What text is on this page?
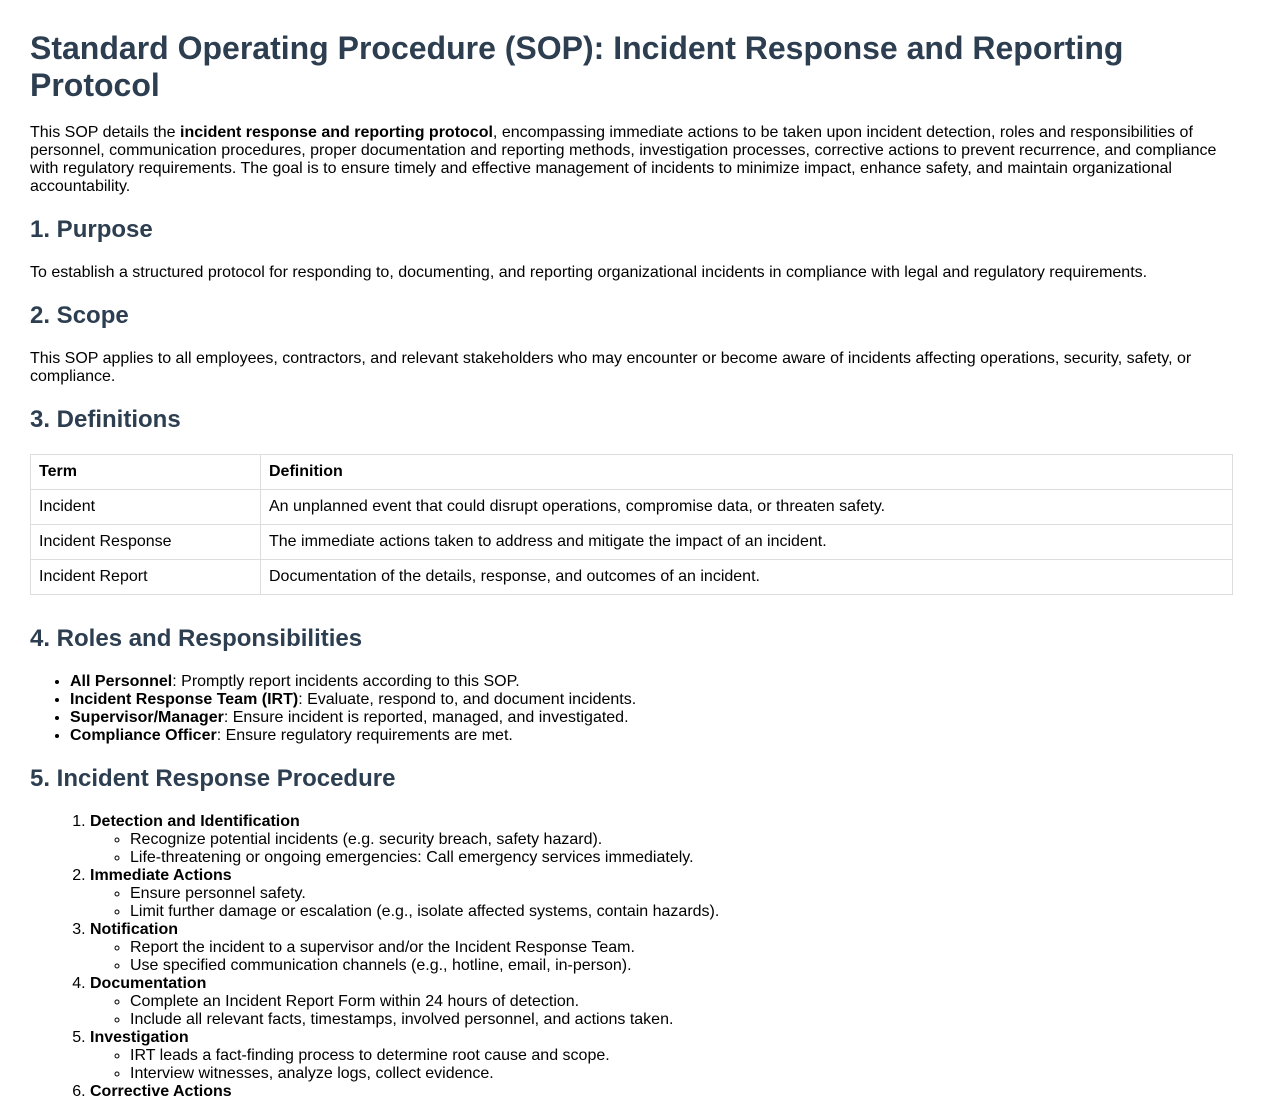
Standard Operating Procedure (SOP): Incident Response and Reporting Protocol

This SOP details the incident response and reporting protocol, encompassing immediate actions to be taken upon incident detection, roles and responsibilities of personnel, communication procedures, proper documentation and reporting methods, investigation processes, corrective actions to prevent recurrence, and compliance with regulatory requirements. The goal is to ensure timely and effective management of incidents to minimize impact, enhance safety, and maintain organizational accountability.

1. Purpose

To establish a structured protocol for responding to, documenting, and reporting organizational incidents in compliance with legal and regulatory requirements.

2. Scope

This SOP applies to all employees, contractors, and relevant stakeholders who may encounter or become aware of incidents affecting operations, security, safety, or compliance.

3. Definitions
Term	Definition
Incident	An unplanned event that could disrupt operations, compromise data, or threaten safety.
Incident Response	The immediate actions taken to address and mitigate the impact of an incident.
Incident Report	Documentation of the details, response, and outcomes of an incident.
4. Roles and Responsibilities
• All Personnel: Promptly report incidents according to this SOP.
• Incident Response Team (IRT): Evaluate, respond to, and document incidents.
• Supervisor/Manager: Ensure incident is reported, managed, and investigated.
• Compliance Officer: Ensure regulatory requirements are met.
5. Incident Response Procedure
1. Detection and Identification
◦ Recognize potential incidents (e.g. security breach, safety hazard).
◦ Life-threatening or ongoing emergencies: Call emergency services immediately.
2. Immediate Actions
◦ Ensure personnel safety.
◦ Limit further damage or escalation (e.g., isolate affected systems, contain hazards).
3. Notification
◦ Report the incident to a supervisor and/or the Incident Response Team.
◦ Use specified communication channels (e.g., hotline, email, in-person).
4. Documentation
◦ Complete an Incident Report Form within 24 hours of detection.
◦ Include all relevant facts, timestamps, involved personnel, and actions taken.
5. Investigation
◦ IRT leads a fact-finding process to determine root cause and scope.
◦ Interview witnesses, analyze logs, collect evidence.
6. Corrective Actions
